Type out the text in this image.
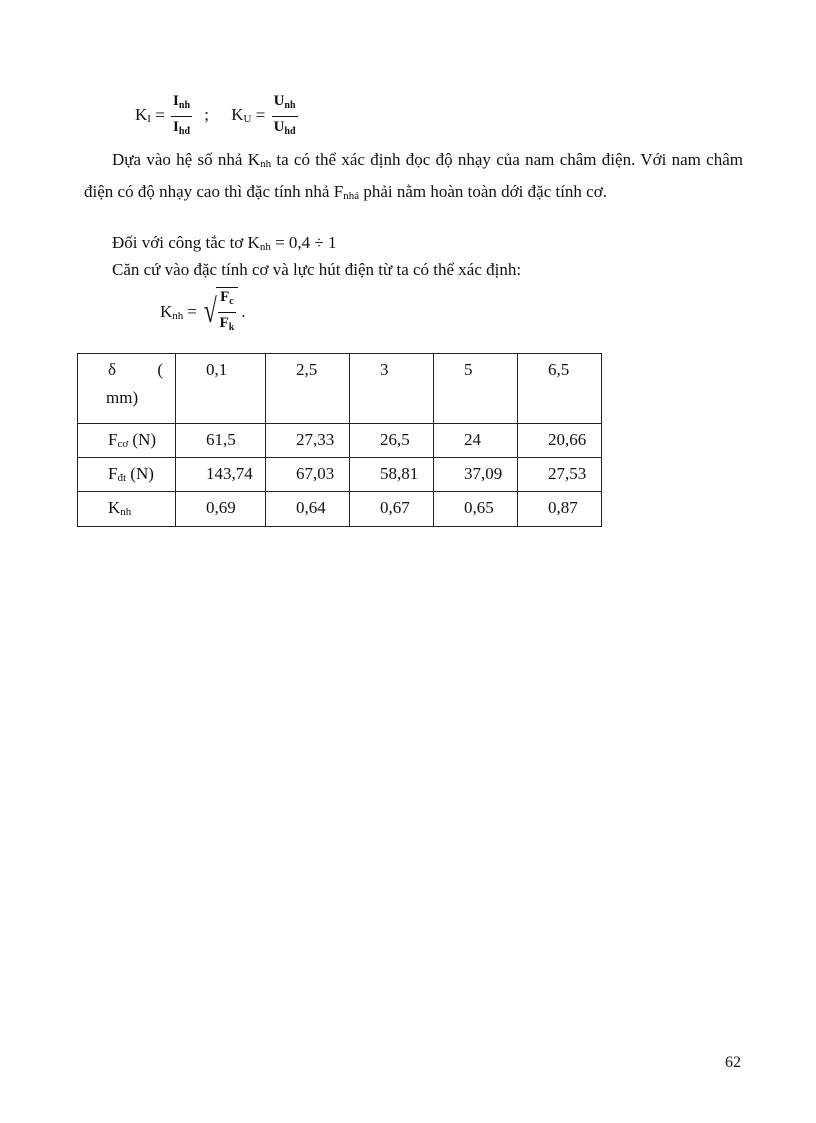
KI = $\frac{I_{nh}}{I_{hđ}}$ ; KU = $\frac{U_{nh}}{U_{hđ}}$
Dựa vào hệ số nhả Knh ta có thể xác định đọc độ nhạy của nam châm điện. Với nam châm điện có độ nhạy cao thì đặc tính nhả Fnhả phải nằm hoàn toàn dới đặc tính cơ.
Đối với công tắc tơ Knh = 0,4 ÷ 1
Căn cứ vào đặc tính cơ và lực hút điện từ ta có thể xác định:
Knh = √ $\frac{F_c}{F_k}$ .
δ (
mm)	0,1	2,5	3	5	6,5
Fcơ (N)	61,5	27,33	26,5	24	20,66
Fđt (N)	143,74	67,03	58,81	37,09	27,53
Knh	0,69	0,64	0,67	0,65	0,87
62
